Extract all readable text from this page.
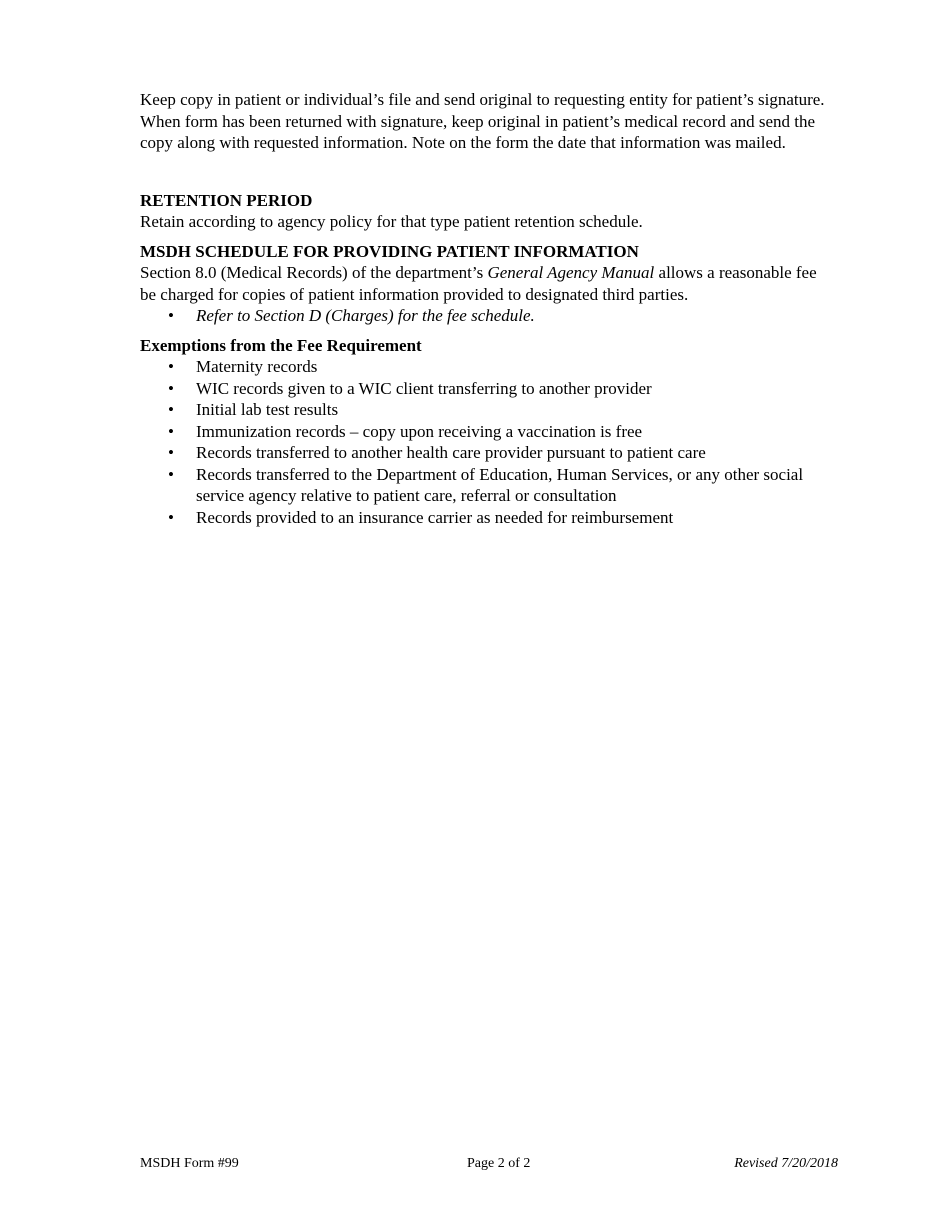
Keep copy in patient or individual’s file and send original to requesting entity for patient’s signature. When form has been returned with signature, keep original in patient’s medical record and send the copy along with requested information. Note on the form the date that information was mailed.

RETENTION PERIOD

Retain according to agency policy for that type patient retention schedule.

MSDH SCHEDULE FOR PROVIDING PATIENT INFORMATION

Section 8.0 (Medical Records) of the department’s General Agency Manual allows a reasonable fee be charged for copies of patient information provided to designated third parties.

• Refer to Section D (Charges) for the fee schedule.

Exemptions from the Fee Requirement

• Maternity records
• WIC records given to a WIC client transferring to another provider
• Initial lab test results
• Immunization records – copy upon receiving a vaccination is free
• Records transferred to another health care provider pursuant to patient care
• Records transferred to the Department of Education, Human Services, or any other social service agency relative to patient care, referral or consultation
• Records provided to an insurance carrier as needed for reimbursement
MSDH Form #99	Page 2 of 2	Revised 7/20/2018
